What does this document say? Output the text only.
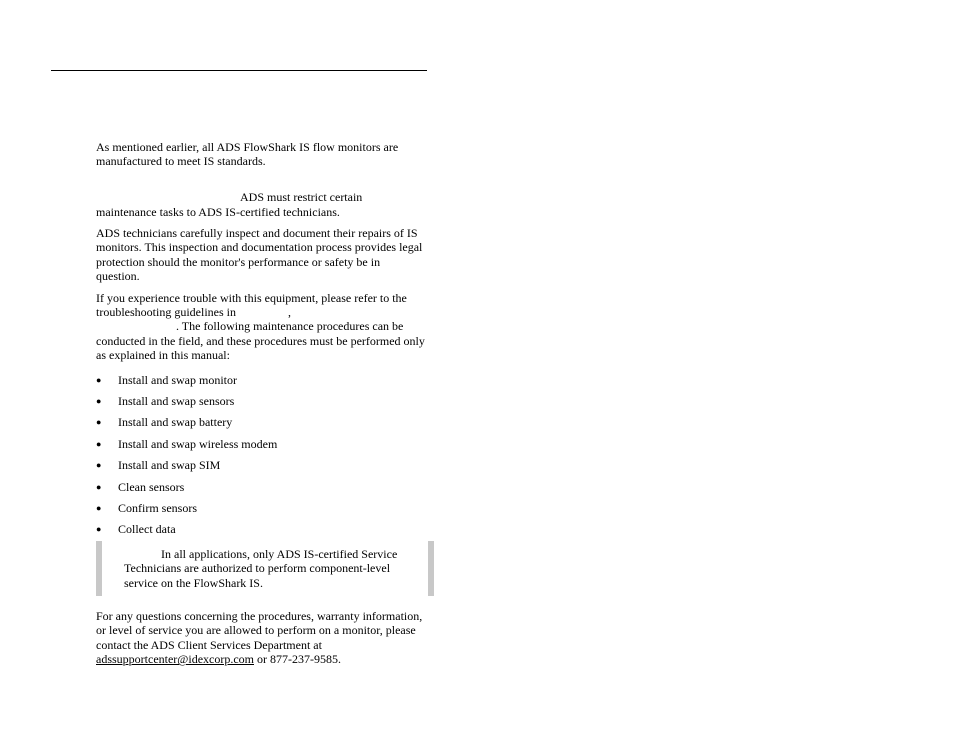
As mentioned earlier, all ADS FlowShark IS flow monitors are manufactured to meet IS standards.

ADS must restrict certain
maintenance tasks to ADS IS-certified technicians.

ADS technicians carefully inspect and document their repairs of IS monitors. This inspection and documentation process provides legal protection should the monitor's performance or safety be in question.

If you experience trouble with this equipment, please refer to the
troubleshooting guidelines in	,
. The following maintenance procedures can be conducted in the field, and these procedures must be performed only as explained in this manual:

● Install and swap monitor
● Install and swap sensors
● Install and swap battery
● Install and swap wireless modem
● Install and swap SIM
● Clean sensors
● Confirm sensors
● Collect data
In all applications, only ADS IS-certified Service Technicians are authorized to perform component-level service on the FlowShark IS.

For any questions concerning the procedures, warranty information, or level of service you are allowed to perform on a monitor, please contact the ADS Client Services Department at adssupportcenter@idexcorp.com or 877-237-9585.
